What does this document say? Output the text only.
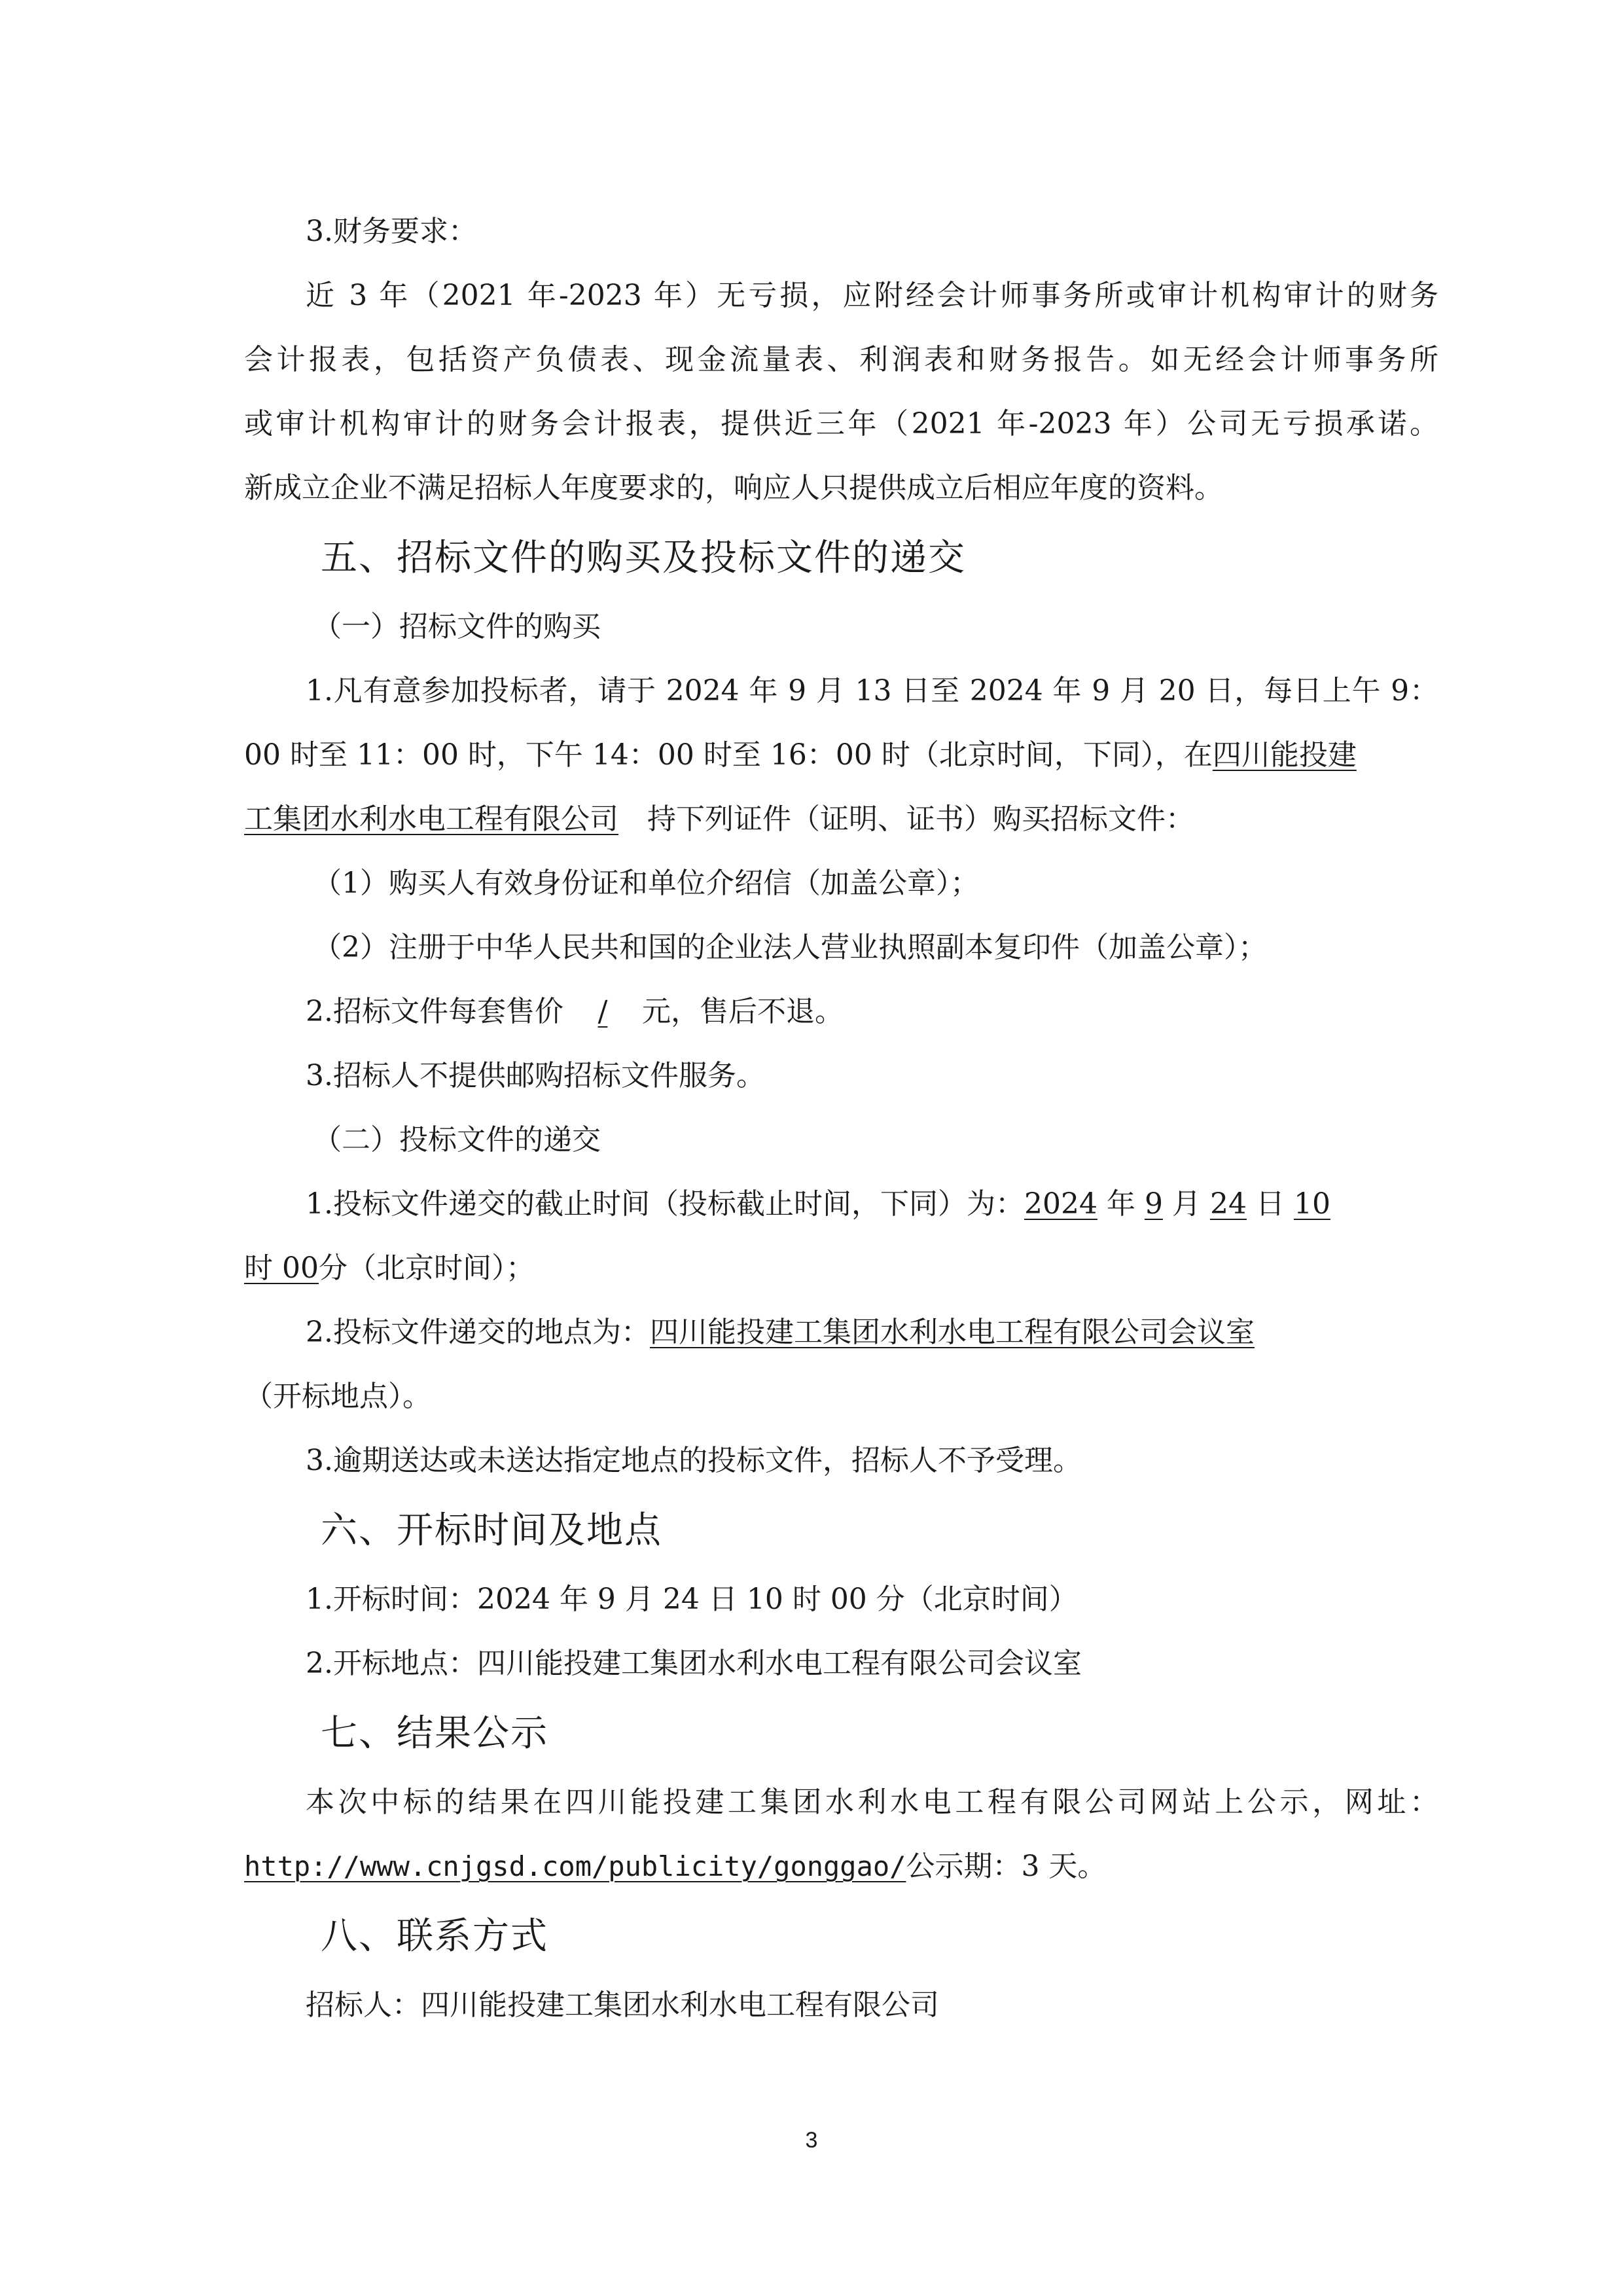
3.财务要求：
近 3 年（2021 年-2023 年）无亏损，应附经会计师事务所或审计机构审计的财务
会计报表，包括资产负债表、现金流量表、利润表和财务报告。如无经会计师事务所
或审计机构审计的财务会计报表，提供近三年（2021 年-2023 年）公司无亏损承诺。
新成立企业不满足招标人年度要求的，响应人只提供成立后相应年度的资料。
五、招标文件的购买及投标文件的递交
（一）招标文件的购买
1.凡有意参加投标者，请于 2024 年 9 月 13 日至 2024 年 9 月 20 日，每日上午 9：
00 时至 11：00 时，下午 14：00 时至 16：00 时（北京时间，下同），在四川能投建
工集团水利水电工程有限公司  持下列证件（证明、证书）购买招标文件：
（1）购买人有效身份证和单位介绍信（加盖公章）；
（2）注册于中华人民共和国的企业法人营业执照副本复印件（加盖公章）；
2.招标文件每套售价 / 元，售后不退。
3.招标人不提供邮购招标文件服务。
（二）投标文件的递交
1.投标文件递交的截止时间（投标截止时间，下同）为：2024 年 9 月 24 日 10
时 00分（北京时间）；
2.投标文件递交的地点为：四川能投建工集团水利水电工程有限公司会议室
（开标地点）。
3.逾期送达或未送达指定地点的投标文件，招标人不予受理。
六、开标时间及地点
1.开标时间：2024 年 9 月 24 日 10 时 00 分（北京时间）
2.开标地点：四川能投建工集团水利水电工程有限公司会议室
七、结果公示
本次中标的结果在四川能投建工集团水利水电工程有限公司网站上公示，网址：
http://www.cnjgsd.com/publicity/gonggao/公示期：3 天。
八、联系方式
招标人：四川能投建工集团水利水电工程有限公司
3
